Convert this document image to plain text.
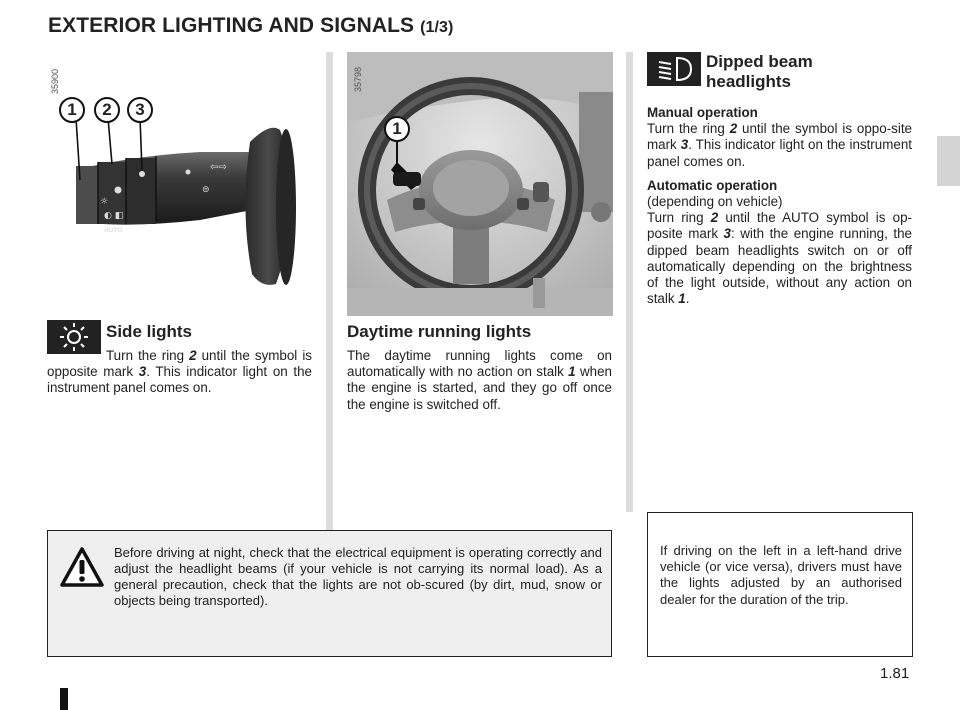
EXTERIOR LIGHTING AND SIGNALS (1/3)
35900
☼
◐ ◧
⊜
⇦⇨
AUTO
1	2	3
35798
1
Side lights
Turn the ring 2 until the symbol is opposite mark 3. This indicator light on the instrument panel comes on.
Daytime running lights
The daytime running lights come on automatically with no action on stalk 1 when the engine is started, and they go off once the engine is switched off.
Dipped beam
headlights
Manual operation
Turn the ring 2 until the symbol is oppo-site mark 3. This indicator light on the instrument panel comes on.
Automatic operation
(depending on vehicle)
Turn ring 2 until the AUTO symbol is op-posite mark 3: with the engine running, the dipped beam headlights switch on or off automatically depending on the brightness of the light outside, without any action on stalk 1.
Before driving at night, check that the electrical equipment is operating correctly and adjust the headlight beams (if your vehicle is not carrying its normal load). As a general precaution, check that the lights are not ob-scured (by dirt, mud, snow or objects being transported).
If driving on the left in a left-hand drive vehicle (or vice versa), drivers must have the lights adjusted by an authorised dealer for the duration of the trip.
1.81
